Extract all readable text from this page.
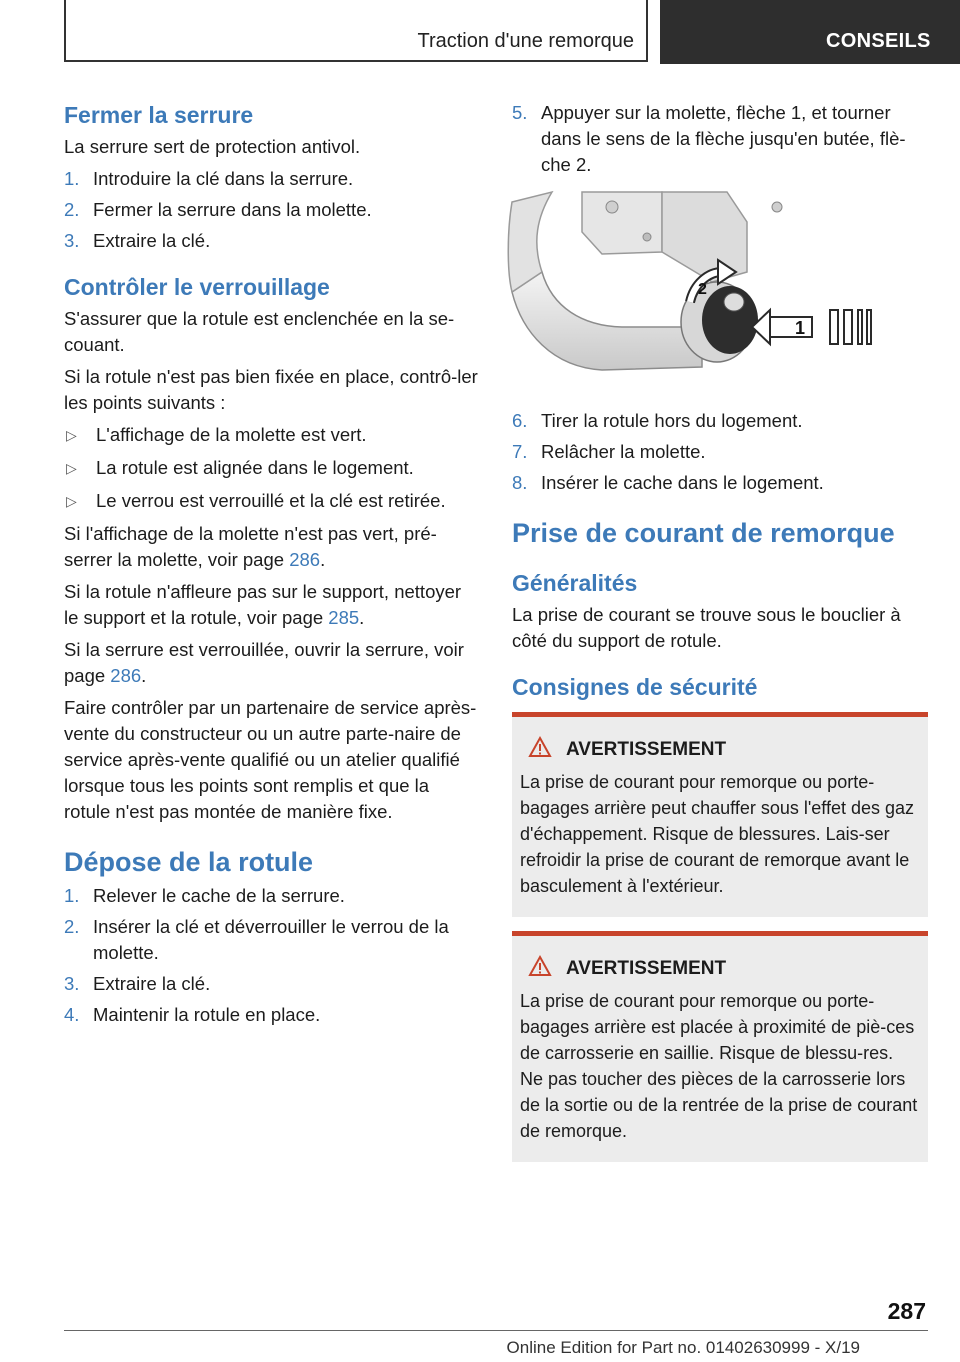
Traction d'une remorque	CONSEILS
Fermer la serrure

La serrure sert de protection antivol.

1. Introduire la clé dans la serrure.
2. Fermer la serrure dans la molette.
3. Extraire la clé.
Contrôler le verrouillage

S'assurer que la rotule est enclenchée en la se-couant.

Si la rotule n'est pas bien fixée en place, contrô-ler les points suivants :

▷ L'affichage de la molette est vert.
▷ La rotule est alignée dans le logement.
▷ Le verrou est verrouillé et la clé est retirée.

Si l'affichage de la molette n'est pas vert, pré-serrer la molette, voir page 286.

Si la rotule n'affleure pas sur le support, nettoyer le support et la rotule, voir page 285.

Si la serrure est verrouillée, ouvrir la serrure, voir page 286.

Faire contrôler par un partenaire de service après-vente du constructeur ou un autre parte-naire de service après-vente qualifié ou un atelier qualifié lorsque tous les points sont remplis et que la rotule n'est pas montée de manière fixe.

Dépose de la rotule
1. Relever le cache de la serrure.
2. Insérer la clé et déverrouiller le verrou de la molette.
3. Extraire la clé.
4. Maintenir la rotule en place.
5. Appuyer sur la molette, flèche 1, et tourner dans le sens de la flèche jusqu'en butée, flè-che 2.
2
1
6. Tirer la rotule hors du logement.
7. Relâcher la molette.
8. Insérer le cache dans le logement.
Prise de courant de remorque
Généralités

La prise de courant se trouve sous le bouclier à côté du support de rotule.

Consignes de sécurité
AVERTISSEMENT
La prise de courant pour remorque ou porte-bagages arrière peut chauffer sous l'effet des gaz d'échappement. Risque de blessures. Lais-ser refroidir la prise de courant de remorque avant le basculement à l'extérieur.
AVERTISSEMENT
La prise de courant pour remorque ou porte-bagages arrière est placée à proximité de piè-ces de carrosserie en saillie. Risque de blessu-res. Ne pas toucher des pièces de la carrosserie lors de la sortie ou de la rentrée de la prise de courant de remorque.
287
Online Edition for Part no. 01402630999 - X/19
